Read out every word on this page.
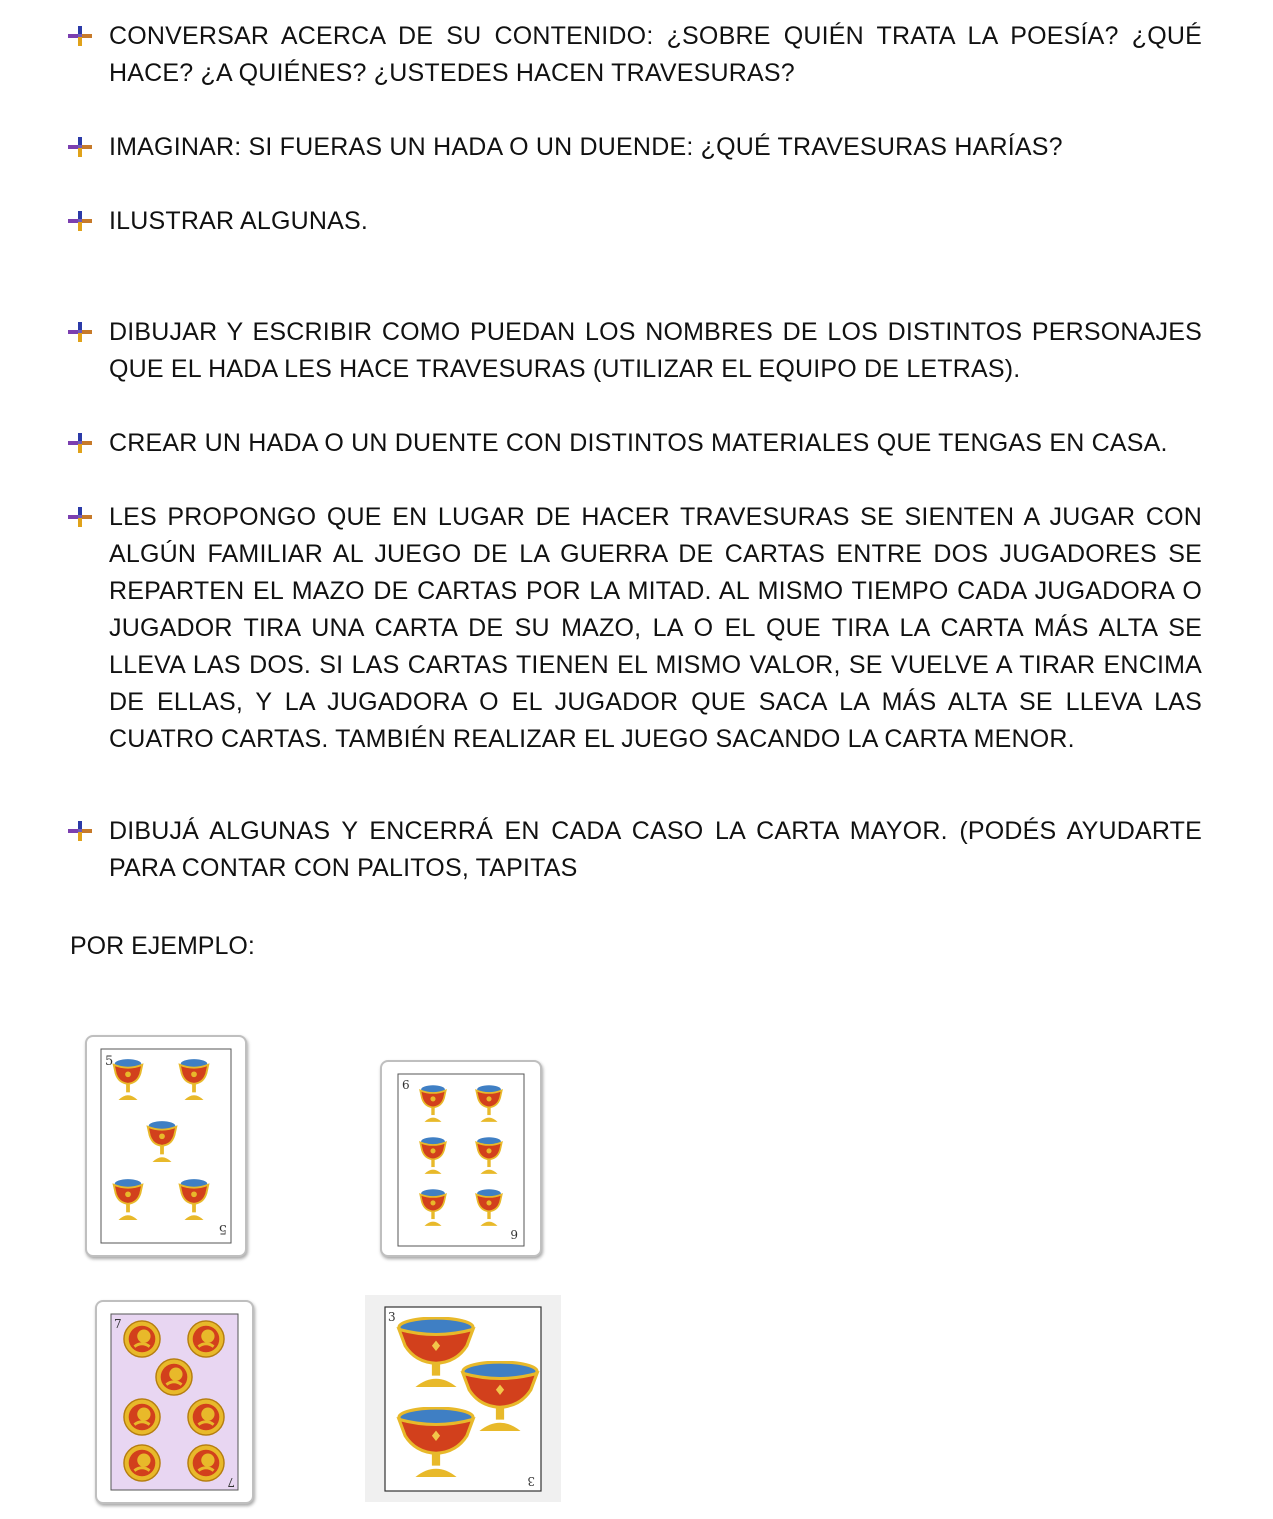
CONVERSAR ACERCA DE SU CONTENIDO: ¿SOBRE QUIÉN TRATA LA POESÍA? ¿QUÉ HACE? ¿A QUIÉNES? ¿USTEDES HACEN TRAVESURAS?
IMAGINAR: SI FUERAS UN HADA O UN DUENDE: ¿QUÉ TRAVESURAS HARÍAS?
ILUSTRAR ALGUNAS.
DIBUJAR Y ESCRIBIR COMO PUEDAN LOS NOMBRES DE LOS DISTINTOS PERSONAJES QUE EL HADA LES HACE TRAVESURAS (UTILIZAR EL EQUIPO DE LETRAS).
CREAR UN HADA O UN DUENTE CON DISTINTOS MATERIALES QUE TENGAS EN CASA.
LES PROPONGO QUE EN LUGAR DE HACER TRAVESURAS SE SIENTEN A JUGAR CON ALGÚN FAMILIAR AL JUEGO DE LA GUERRA DE CARTAS ENTRE DOS JUGADORES SE REPARTEN EL MAZO DE CARTAS POR LA MITAD. AL MISMO TIEMPO CADA JUGADORA O JUGADOR TIRA UNA CARTA DE SU MAZO, LA O EL QUE TIRA LA CARTA MÁS ALTA SE LLEVA LAS DOS. SI LAS CARTAS TIENEN EL MISMO VALOR, SE VUELVE A TIRAR ENCIMA DE ELLAS, Y LA JUGADORA O EL JUGADOR QUE SACA LA MÁS ALTA SE LLEVA LAS CUATRO CARTAS. TAMBIÉN REALIZAR EL JUEGO SACANDO LA CARTA MENOR.
DIBUJÁ ALGUNAS Y ENCERRÁ EN CADA CASO LA CARTA MAYOR. (PODÉS AYUDARTE PARA CONTAR CON PALITOS, TAPITAS
POR EJEMPLO:
5
5
6
6
7
7
3
3
